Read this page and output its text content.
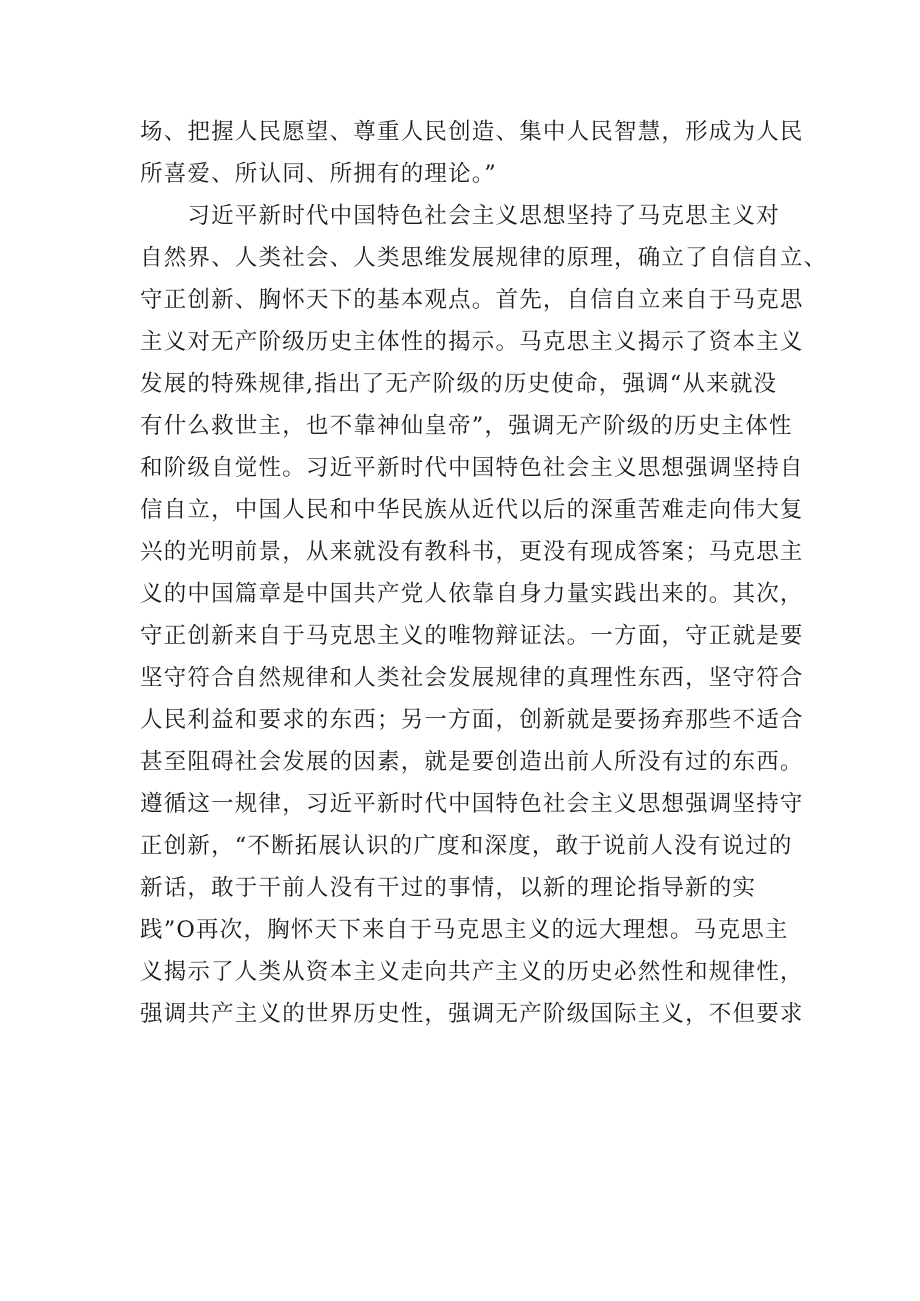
场、把握人民愿望、尊重人民创造、集中人民智慧，形成为人民
所喜爱、所认同、所拥有的理论。”
　　习近平新时代中国特色社会主义思想坚持了马克思主义对
自然界、人类社会、人类思维发展规律的原理，确立了自信自立、
守正创新、胸怀天下的基本观点。首先，自信自立来自于马克思
主义对无产阶级历史主体性的揭示。马克思主义揭示了资本主义
发展的特殊规律,指出了无产阶级的历史使命，强调“从来就没
有什么救世主，也不靠神仙皇帝”，强调无产阶级的历史主体性
和阶级自觉性。习近平新时代中国特色社会主义思想强调坚持自
信自立，中国人民和中华民族从近代以后的深重苦难走向伟大复
兴的光明前景，从来就没有教科书，更没有现成答案；马克思主
义的中国篇章是中国共产党人依靠自身力量实践出来的。其次，
守正创新来自于马克思主义的唯物辩证法。一方面，守正就是要
坚守符合自然规律和人类社会发展规律的真理性东西，坚守符合
人民利益和要求的东西；另一方面，创新就是要扬弃那些不适合
甚至阻碍社会发展的因素，就是要创造出前人所没有过的东西。
遵循这一规律，习近平新时代中国特色社会主义思想强调坚持守
正创新，“不断拓展认识的广度和深度，敢于说前人没有说过的
新话，敢于干前人没有干过的事情，以新的理论指导新的实
践”O再次，胸怀天下来自于马克思主义的远大理想。马克思主
义揭示了人类从资本主义走向共产主义的历史必然性和规律性，
强调共产主义的世界历史性，强调无产阶级国际主义，不但要求
